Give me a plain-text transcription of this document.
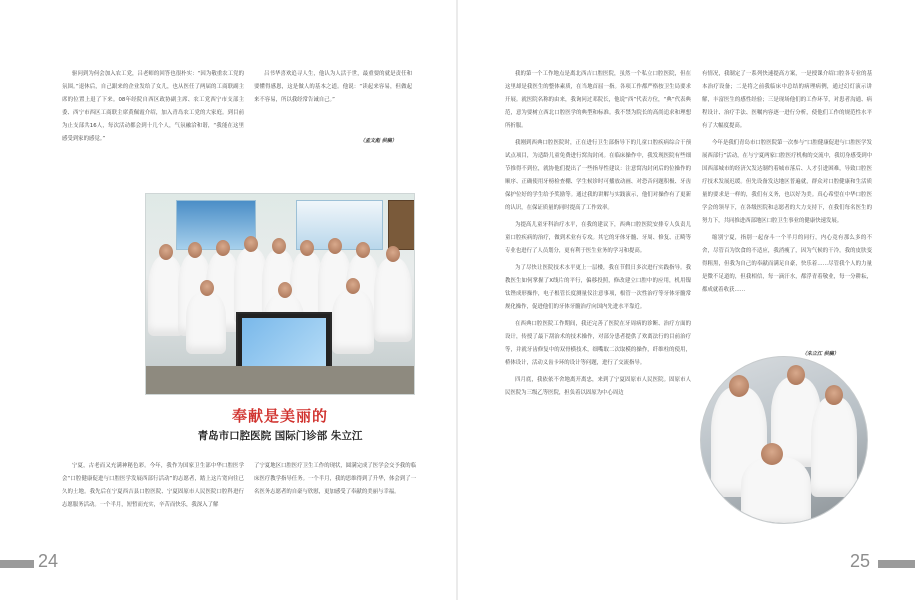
驱问到为何会加入农工党，吕老师的回答也很朴实：“因为敬重农工党的氛围。”退休后，自己跟来的企业发给了女儿，也从医任了两届的工商联副主席的位置上退了下来。08年经院自西区政协副主席、农工党西宁市支部主委、西宁市西区工商联主席黄佩霞介绍，加入青岛农工党的大家庭。到目前为止支部共16人，每次活动都会到十几个人，气氛融洽和谐，“我能在这里感受到家的感觉。”

吕书华喜欢追寻人生，他认为人活于世，最重要的就是责任和要懂得感恩，这是做人的基本之道。他说：“读起来容易，但做起来不容易，所以我经常告诫自己。”

（孟文彪 供稿）
奉献是美丽的
青岛市口腔医院 国际门诊部 朱立江

宁夏，古老而又充满神秘色彩。今年，我作为国家卫生部中华口腔医学会“口腔健康促进与口腔医学发展西部行活动”的志愿者，踏上这片宽向往已久的土地。我先后在宁夏西吉县口腔医院、宁夏固原市人民医院口腔科进行志愿服务活动。一个半月，短暂而充实，辛苦而快乐，我深入了解

了宁夏地区口腔医疗卫生工作的现状，圆满完成了医学会交予我的临床医疗教学指导任务。一个半月，我的思维得到了升华，体会到了一名医务志愿者的自豪与欣慰，更加感受了奉献的美丽与幸福。

24

我的第一个工作地点是离北西吉口腔医院，虽然一个私立口腔医院，但在这里却是我医生的整体素质，在当地首屈一指。各项工作都严格按卫生局要求开展。就医院名称的由来，我询问过邓院长，他说“西”代表方位，“典”代表典范，意为要树立西北口腔医学的典型和标准。我不禁为院长的高尚追求和理想所折服。

我刚到西典口腔医院时，正在进行卫生部指导下的儿童口腔疾病综合干预试点项目，为适龄儿童免费进行窝沟封闭。在临床操作中，我发现医院有些细节推得不到位，就协他们提出了一些指导性建议：注意窝沟封闭后的位操作的顺序、正确使用牙榜检查棚、学生候诊时可播放动画、对恐音问题积极、牙齿保护位好的学生给予奖励等。通过我的讲解与实践演示，他们对操作有了更新的认识，在保证质量的同时提高了工作效率。

为提高儿童牙科治疗水平，在我的建议下，西典口腔医院安排专人负责儿童口腔疾病的治疗，做到术业有专攻。其它的牙体牙髓、牙周、修复、正畸等专业也进行了人员划分，更有利于医生业务的学习和提高。

为了尽快让医院技术水平更上一层楼，我在节假日多次进行实践指导。我教医生如何掌握了X线片的平行，偏移投照，修改建立口腔中的应用，机用镍钛锉成形操作，电子根管长度测量仪注意事项，根管一次性治疗等牙体牙髓常规化操作，促进他们的牙体牙髓治疗向国内先进水平靠近。

在西典口腔医院工作期间，我还完善了医院在牙周病的诊断、治疗方面的设计，传授了最下刮治术的技术操作，对部分患者提供了欢离法行的目前治疗等，并就牙齿修复中的双骨横技术，细嘴取二次取模的操作，纤维柱的使用，桥体设计，活动义齿卡环的设计等问题，进行了交流指导。

四月底，我依依不舍地离开离忠，来到了宁夏固原市人民医院。固原市人民医院为三级乙等医院，担负着以固原为中心周边

有情况，我制定了一系列快速提高方案，一是授课介绍口腔各专业的基本治疗设备；二是将之前我临床中总结的病理病例，通过幻灯演示讲解，丰富医生的感性经验；三是现场他们的工作环节，对患者沟通、病程设计、治疗手法、医嘱内容逐一进行分析，使他们工作的规范性水平有了大幅度提高。

今年是我们青岛市口腔医院第一次参与“口腔健康促进与口腔医学发展西部行”活动，在与宁夏两家口腔医疗机构的交流中，我切身感受到中国西部城市的经济欠发达制约着城市落后、人才引进困难，导致口腔医疗技术发展迟缓。但先设备发达地区普遍就，群众对口腔健康和生活质量的要求是一样的，我们有义务，也以好为美。真心希望在中华口腔医学会的领导下，在各级医院和志愿者的大力支持下，在我们每名医生的努力下，共同推进西部地区口腔卫生事业的健康快速发展。

缩别宁夏，指别一起奋斗一个半月的同行，内心竟有那么多的不舍，尽管百为饮食的不适应，我消瘦了，因为气候的干冷，我的皮肤变得粗黑，但我为自己的奉献而满足自豪，快乐着……尽管我个人的力量是微不足道的，但我相信，每一滴汗水，都浮青着敬业，每一分耕耘，都成就着收获……

25
（朱立江 供稿）
